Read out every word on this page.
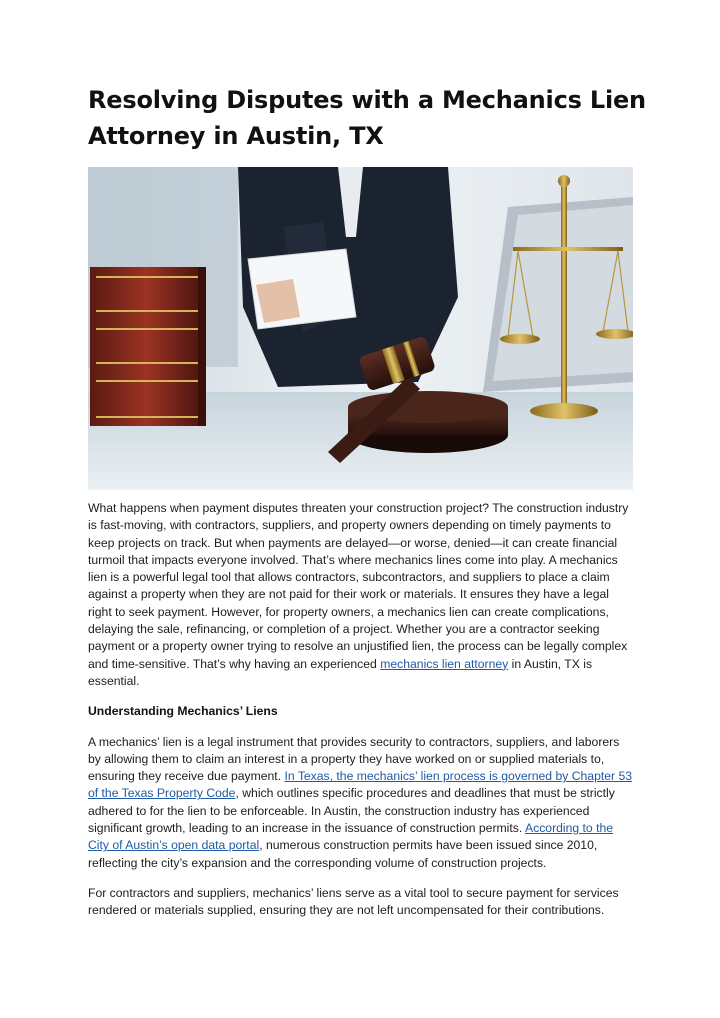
Resolving Disputes with a Mechanics Lien Attorney in Austin, TX

What happens when payment disputes threaten your construction project? The construction industry is fast-moving, with contractors, suppliers, and property owners depending on timely payments to keep projects on track. But when payments are delayed—or worse, denied—it can create financial turmoil that impacts everyone involved. That’s where mechanics lines come into play. A mechanics lien is a powerful legal tool that allows contractors, subcontractors, and suppliers to place a claim against a property when they are not paid for their work or materials. It ensures they have a legal right to seek payment. However, for property owners, a mechanics lien can create complications, delaying the sale, refinancing, or completion of a project. Whether you are a contractor seeking payment or a property owner trying to resolve an unjustified lien, the process can be legally complex and time-sensitive. That’s why having an experienced mechanics lien attorney in Austin, TX is essential.

Understanding Mechanics’ Liens

A mechanics’ lien is a legal instrument that provides security to contractors, suppliers, and laborers by allowing them to claim an interest in a property they have worked on or supplied materials to, ensuring they receive due payment. In Texas, the mechanics’ lien process is governed by Chapter 53 of the Texas Property Code, which outlines specific procedures and deadlines that must be strictly adhered to for the lien to be enforceable. In Austin, the construction industry has experienced significant growth, leading to an increase in the issuance of construction permits. According to the City of Austin’s open data portal, numerous construction permits have been issued since 2010, reflecting the city’s expansion and the corresponding volume of construction projects.

For contractors and suppliers, mechanics’ liens serve as a vital tool to secure payment for services rendered or materials supplied, ensuring they are not left uncompensated for their contributions.
